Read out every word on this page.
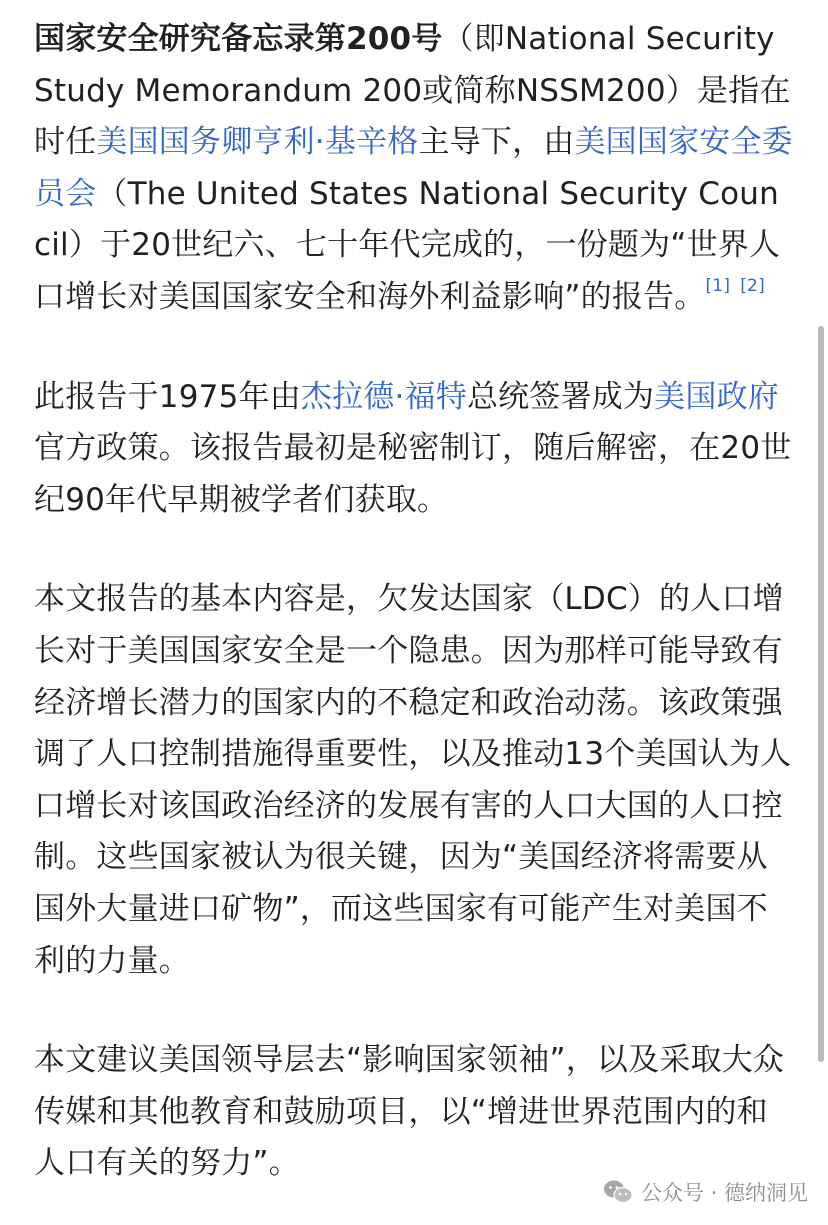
国家安全研究备忘录第200号（即National Security Study Memorandum 200或简称NSSM200）是指在时任美国国务卿亨利·基辛格主导下，由美国国家安全委员会（The United States National Security Council）于20世纪六、七十年代完成的，一份题为“世界人口增长对美国国家安全和海外利益影响”的报告。[1] [2]

此报告于1975年由杰拉德·福特总统签署成为美国政府官方政策。该报告最初是秘密制订，随后解密，在20世纪90年代早期被学者们获取。

本文报告的基本内容是，欠发达国家（LDC）的人口增长对于美国国家安全是一个隐患。因为那样可能导致有经济增长潜力的国家内的不稳定和政治动荡。该政策强调了人口控制措施得重要性，以及推动13个美国认为人口增长对该国政治经济的发展有害的人口大国的人口控制。这些国家被认为很关键，因为“美国经济将需要从国外大量进口矿物”，而这些国家有可能产生对美国不利的力量。

本文建议美国领导层去“影响国家领袖”，以及采取大众传媒和其他教育和鼓励项目，以“增进世界范围内的和人口有关的努力”。

公众号 · 德纳洞见
